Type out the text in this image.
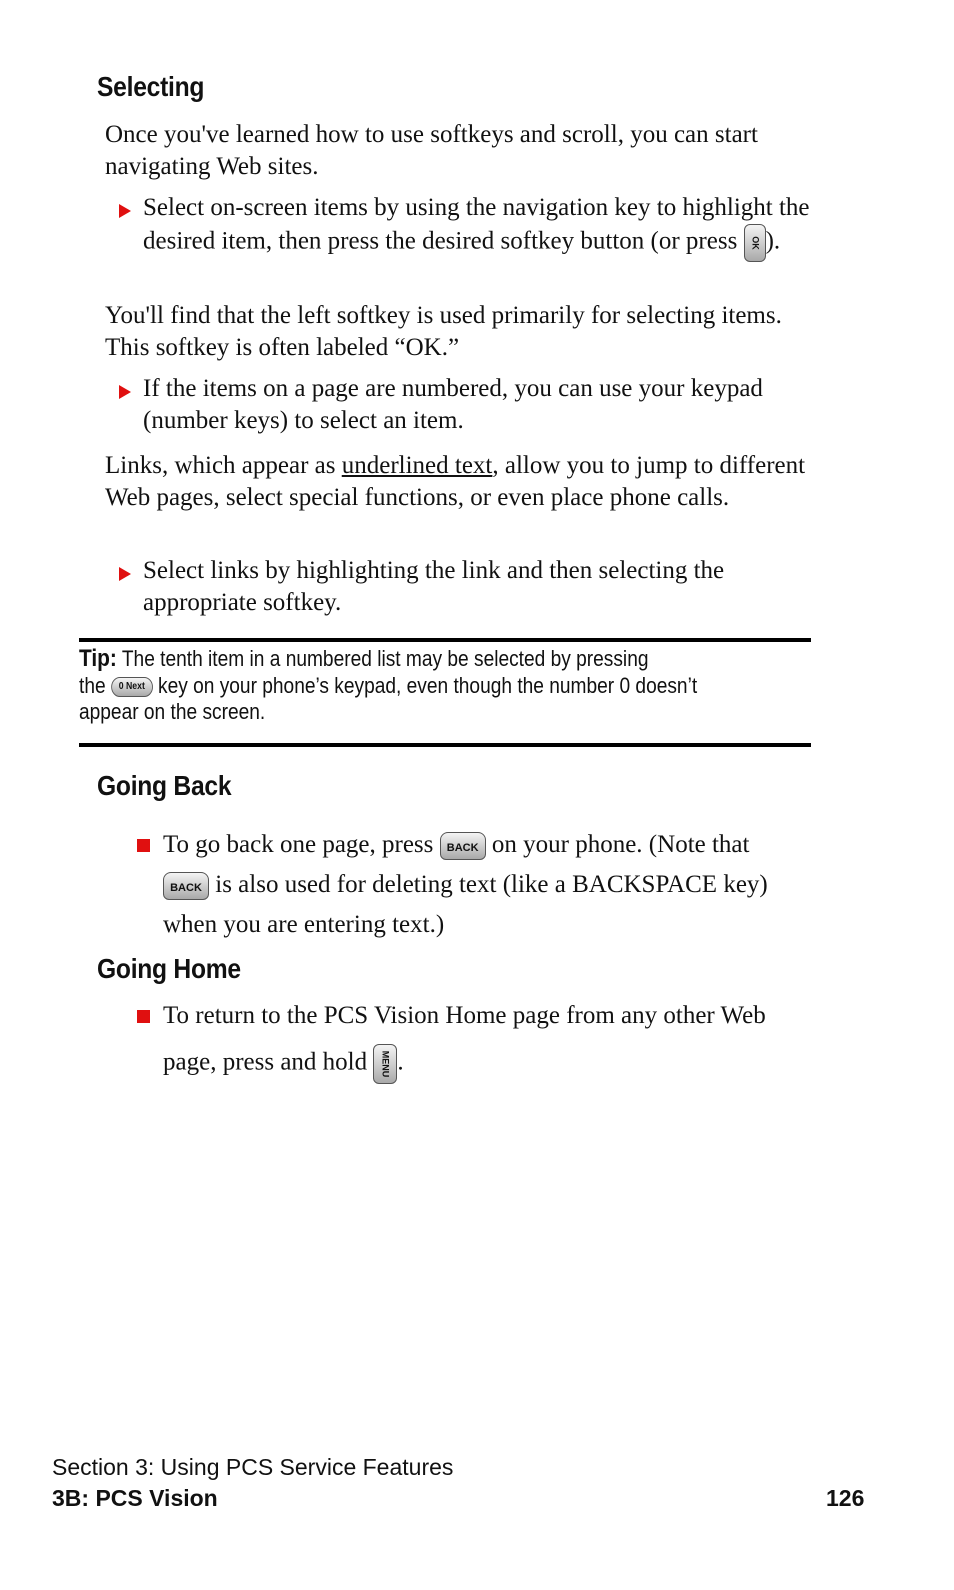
Selecting
Once you've learned how to use softkeys and scroll, you can start navigating Web sites.
Select on-screen items by using the navigation key to highlight the desired item, then press the desired softkey button (or press OK ).
You'll find that the left softkey is used primarily for selecting items. This softkey is often labeled “OK.”
If the items on a page are numbered, you can use your keypad (number keys) to select an item.
Links, which appear as underlined text, allow you to jump to different Web pages, select special functions, or even place phone calls.
Select links by highlighting the link and then selecting the appropriate softkey.
Tip: The tenth item in a numbered list may be selected by pressing
the 0 Next key on your phone’s keypad, even though the number 0 doesn’t
appear on the screen.
Going Back
To go back one page, press BACK on your phone. (Note that
BACK is also used for deleting text (like a BACKSPACE key)
when you are entering text.)
Going Home
To return to the PCS Vision Home page from any other Web
page, press and hold MENU .
Section 3: Using PCS Service Features
3B: PCS Vision	126
